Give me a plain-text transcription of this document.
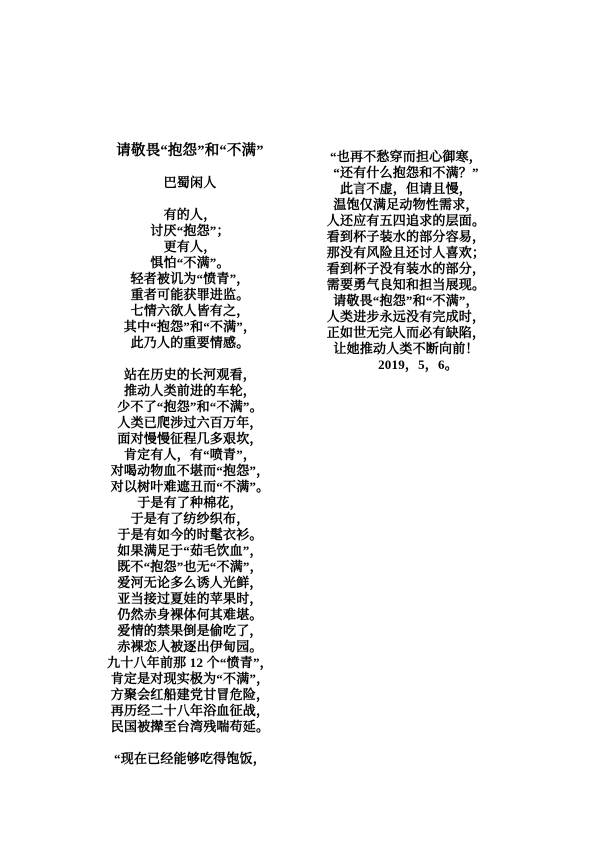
请敬畏“抱怨”和“不满”
巴蜀闲人
有的人，
讨厌“抱怨”；
更有人，
惧怕“不满”。
轻者被讥为“愤青”，
重者可能获罪进监。
七情六欲人皆有之，
其中“抱怨”和“不满”，
此乃人的重要情感。
站在历史的长河观看，
推动人类前进的车轮，
少不了“抱怨”和“不满”。
人类已爬涉过六百万年，
面对慢慢征程几多艰坎，
肯定有人，有“喷青”，
对喝动物血不堪而“抱怨”，
对以树叶难遮丑而“不满”。
于是有了种棉花，
于是有了纺纱织布，
于是有如今的时髦衣衫。
如果满足于“茹毛饮血”，
既不“抱怨”也无“不满”，
爱河无论多么诱人光鲜，
亚当接过夏娃的苹果时，
仍然赤身裸体何其难堪。
爱情的禁果倒是偷吃了，
赤裸恋人被逐出伊甸园。
九十八年前那 12 个“愤青”，
肯定是对现实极为“不满”，
方聚会红船建党甘冒危险，
再历经二十八年浴血征战，
民国被撵至台湾残喘苟延。
“现在已经能够吃得饱饭，
“也再不愁穿而担心御寒，
“还有什么抱怨和不满？”
此言不虚，但请且慢，
温饱仅满足动物性需求，
人还应有五四追求的层面。
看到杯子装水的部分容易，
那没有风险且还讨人喜欢；
看到杯子没有装水的部分，
需要勇气良知和担当展现。
请敬畏“抱怨”和“不满”，
人类进步永远没有完成时，
正如世无完人而必有缺陷，
让她推动人类不断向前！
2019，5，6。
